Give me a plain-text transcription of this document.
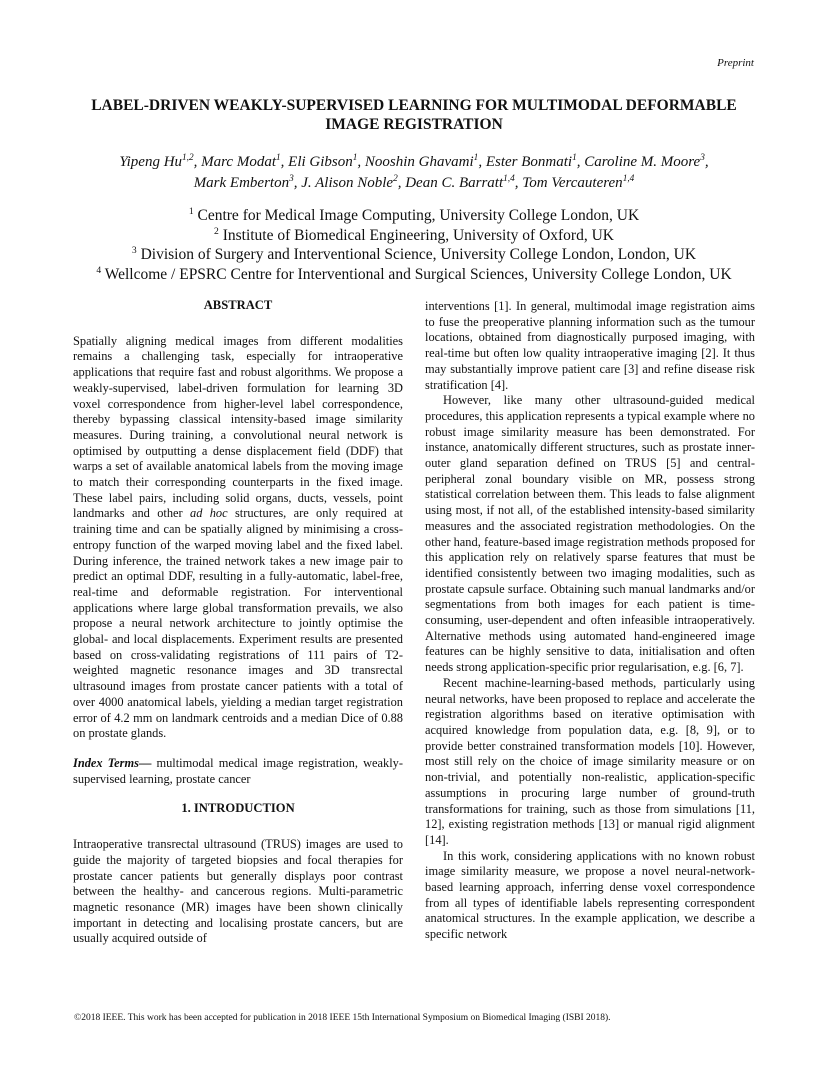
Preprint
LABEL-DRIVEN WEAKLY-SUPERVISED LEARNING FOR MULTIMODAL DEFORMABLE
IMAGE REGISTRATION
Yipeng Hu$^{1,2}$, Marc Modat$^1$, Eli Gibson$^1$, Nooshin Ghavami$^1$, Ester Bonmati$^1$, Caroline M. Moore$^3$,
Mark Emberton$^3$, J. Alison Noble$^2$, Dean C. Barratt$^{1,4}$, Tom Vercauteren$^{1,4}$
$^1$ Centre for Medical Image Computing, University College London, UK
$^2$ Institute of Biomedical Engineering, University of Oxford, UK
$^3$ Division of Surgery and Interventional Science, University College London, London, UK
$^4$ Wellcome / EPSRC Centre for Interventional and Surgical Sciences, University College London, UK
ABSTRACT

Spatially aligning medical images from different modalities remains a challenging task, especially for intraoperative applications that require fast and robust algorithms. We propose a weakly-supervised, label-driven formulation for learning 3D voxel correspondence from higher-level label correspondence, thereby bypassing classical intensity-based image similarity measures. During training, a convolutional neural network is optimised by outputting a dense displacement field (DDF) that warps a set of available anatomical labels from the moving image to match their corresponding counterparts in the fixed image. These label pairs, including solid organs, ducts, vessels, point landmarks and other ad hoc structures, are only required at training time and can be spatially aligned by minimising a cross-entropy function of the warped moving label and the fixed label. During inference, the trained network takes a new image pair to predict an optimal DDF, resulting in a fully-automatic, label-free, real-time and deformable registration. For interventional applications where large global transformation prevails, we also propose a neural network architecture to jointly optimise the global- and local displacements. Experiment results are presented based on cross-validating registrations of 111 pairs of T2-weighted magnetic resonance images and 3D transrectal ultrasound images from prostate cancer patients with a total of over 4000 anatomical labels, yielding a median target registration error of 4.2 mm on landmark centroids and a median Dice of 0.88 on prostate glands.

Index Terms— multimodal medical image registration, weakly-supervised learning, prostate cancer

1. INTRODUCTION

Intraoperative transrectal ultrasound (TRUS) images are used to guide the majority of targeted biopsies and focal therapies for prostate cancer patients but generally displays poor contrast between the healthy- and cancerous regions. Multi-parametric magnetic resonance (MR) images have been shown clinically important in detecting and localising prostate cancers, but are usually acquired outside of

interventions [1]. In general, multimodal image registration aims to fuse the preoperative planning information such as the tumour locations, obtained from diagnostically purposed imaging, with real-time but often low quality intraoperative imaging [2]. It thus may substantially improve patient care [3] and refine disease risk stratification [4].

However, like many other ultrasound-guided medical procedures, this application represents a typical example where no robust image similarity measure has been demonstrated. For instance, anatomically different structures, such as prostate inner-outer gland separation defined on TRUS [5] and central-peripheral zonal boundary visible on MR, possess strong statistical correlation between them. This leads to false alignment using most, if not all, of the established intensity-based similarity measures and the associated registration methodologies. On the other hand, feature-based image registration methods proposed for this application rely on relatively sparse features that must be identified consistently between two imaging modalities, such as prostate capsule surface. Obtaining such manual landmarks and/or segmentations from both images for each patient is time-consuming, user-dependent and often infeasible intraoperatively. Alternative methods using automated hand-engineered image features can be highly sensitive to data, initialisation and often needs strong application-specific prior regularisation, e.g. [6, 7].

Recent machine-learning-based methods, particularly using neural networks, have been proposed to replace and accelerate the registration algorithms based on iterative optimisation with acquired knowledge from population data, e.g. [8, 9], or to provide better constrained transformation models [10]. However, most still rely on the choice of image similarity measure or on non-trivial, and potentially non-realistic, application-specific assumptions in procuring large number of ground-truth transformations for training, such as those from simulations [11, 12], existing registration methods [13] or manual rigid alignment [14].

In this work, considering applications with no known robust image similarity measure, we propose a novel neural-network-based learning approach, inferring dense voxel correspondence from all types of identifiable labels representing correspondent anatomical structures. In the example application, we describe a specific network

©2018 IEEE. This work has been accepted for publication in 2018 IEEE 15th International Symposium on Biomedical Imaging (ISBI 2018).
